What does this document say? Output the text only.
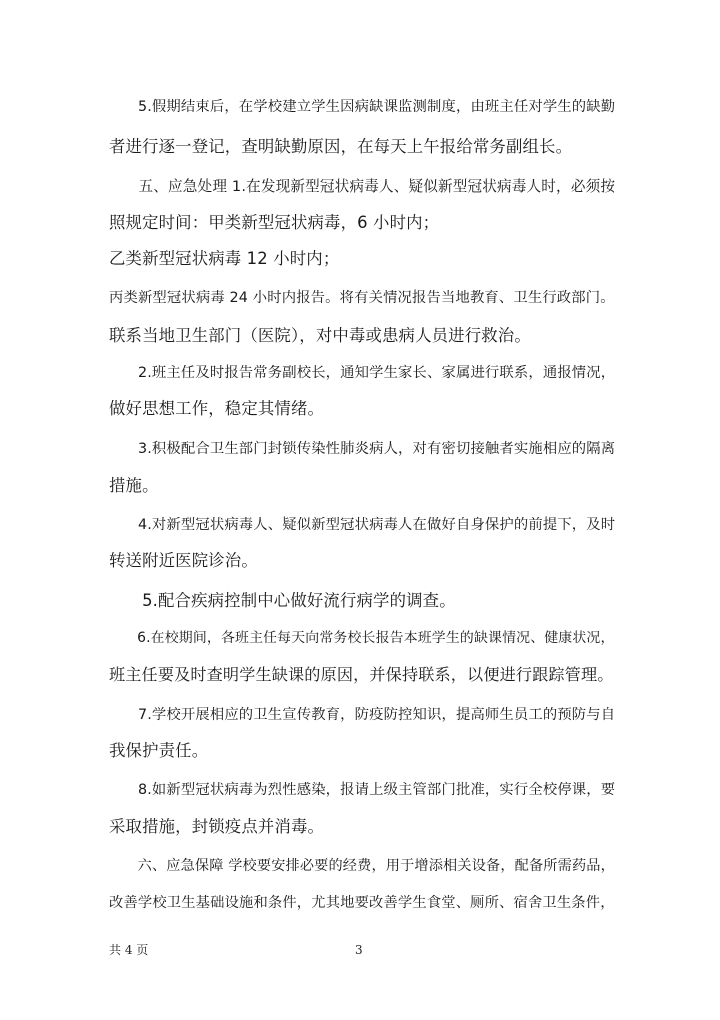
　　5.假期结束后，在学校建立学生因病缺课监测制度，由班主任对学生的缺勤
者进行逐一登记，查明缺勤原因，在每天上午报给常务副组长。
　　五、应急处理 1.在发现新型冠状病毒人、疑似新型冠状病毒人时，必须按
照规定时间：甲类新型冠状病毒，6 小时内；
乙类新型冠状病毒 12 小时内；
丙类新型冠状病毒 24 小时内报告。将有关情况报告当地教育、卫生行政部门。
联系当地卫生部门（医院），对中毒或患病人员进行救治。
　　2.班主任及时报告常务副校长，通知学生家长、家属进行联系，通报情况，
做好思想工作，稳定其情绪。
　　3.积极配合卫生部门封锁传染性肺炎病人，对有密切接触者实施相应的隔离
措施。
　　4.对新型冠状病毒人、疑似新型冠状病毒人在做好自身保护的前提下，及时
转送附近医院诊治。
　　5.配合疾病控制中心做好流行病学的调查。
　　6.在校期间，各班主任每天向常务校长报告本班学生的缺课情况、健康状况，
班主任要及时查明学生缺课的原因，并保持联系，以便进行跟踪管理。
　　7.学校开展相应的卫生宣传教育，防疫防控知识，提高师生员工的预防与自
我保护责任。
　　8.如新型冠状病毒为烈性感染，报请上级主管部门批准，实行全校停课，要
采取措施，封锁疫点并消毒。
　　六、应急保障 学校要安排必要的经费，用于增添相关设备，配备所需药品，
改善学校卫生基础设施和条件，尤其地要改善学生食堂、厕所、宿舍卫生条件，
共 4 页	3
